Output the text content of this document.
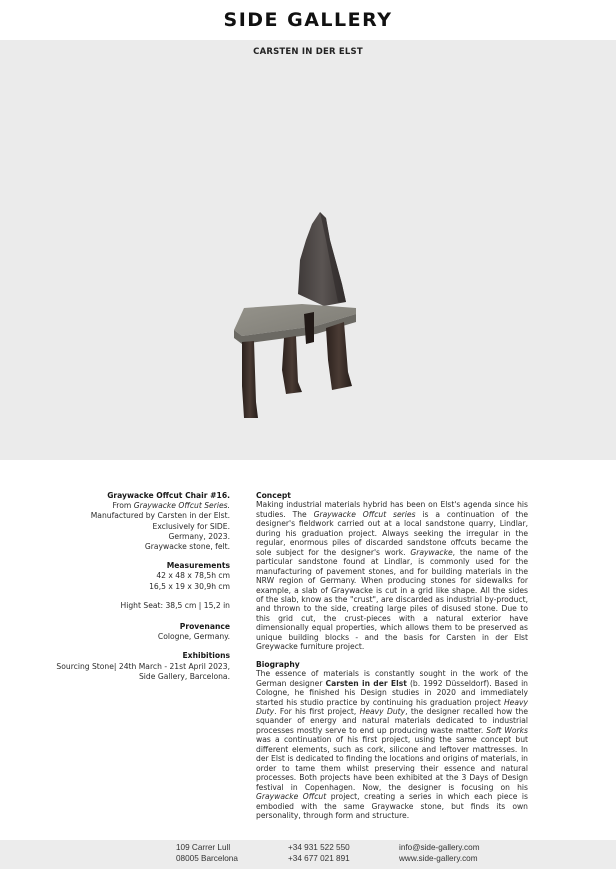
SIDE GALLERY
CARSTEN IN DER ELST
Graywacke Offcut Chair #16.
From Graywacke Offcut Series.
Manufactured by Carsten in der Elst.
Exclusively for SIDE.
Germany, 2023.
Graywacke stone, felt.
Measurements
42 x 48 x 78,5h cm
16,5 x 19 x 30,9h cm
Hight Seat: 38,5 cm | 15,2 in
Provenance
Cologne, Germany.
Exhibitions
Sourcing Stone| 24th March - 21st April 2023,
Side Gallery, Barcelona.

Concept
Making industrial materials hybrid has been on Elst's agenda since his studies. The Graywacke Offcut series is a continuation of the designer's fieldwork carried out at a local sandstone quarry, Lindlar, during his graduation project. Always seeking the irregular in the regular, enormous piles of discarded sandstone offcuts became the sole subject for the designer's work. Graywacke, the name of the particular sandstone found at Lindlar, is commonly used for the manufacturing of pavement stones, and for building materials in the NRW region of Germany. When producing stones for sidewalks for example, a slab of Graywacke is cut in a grid like shape. All the sides of the slab, know as the "crust", are discarded as industrial by-product, and thrown to the side, creating large piles of disused stone. Due to this grid cut, the crust-pieces with a natural exterior have dimensionally equal properties, which allows them to be preserved as unique building blocks - and the basis for Carsten in der Elst Greywacke furniture project.

Biography
The essence of materials is constantly sought in the work of the German designer Carsten in der Elst (b. 1992 Düsseldorf). Based in Cologne, he finished his Design studies in 2020 and immediately started his studio practice by continuing his graduation project Heavy Duty. For his first project, Heavy Duty, the designer recalled how the squander of energy and natural materials dedicated to industrial processes mostly serve to end up producing waste matter. Soft Works was a continuation of his first project, using the same concept but different elements, such as cork, silicone and leftover mattresses. In der Elst is dedicated to finding the locations and origins of materials, in order to tame them whilst preserving their essence and natural processes. Both projects have been exhibited at the 3 Days of Design festival in Copenhagen. Now, the designer is focusing on his Graywacke Offcut project, creating a series in which each piece is embodied with the same Graywacke stone, but finds its own personality, through form and structure.

109 Carrer Lull
08005 Barcelona
+34 931 522 550
+34 677 021 891
info@side-gallery.com
www.side-gallery.com
